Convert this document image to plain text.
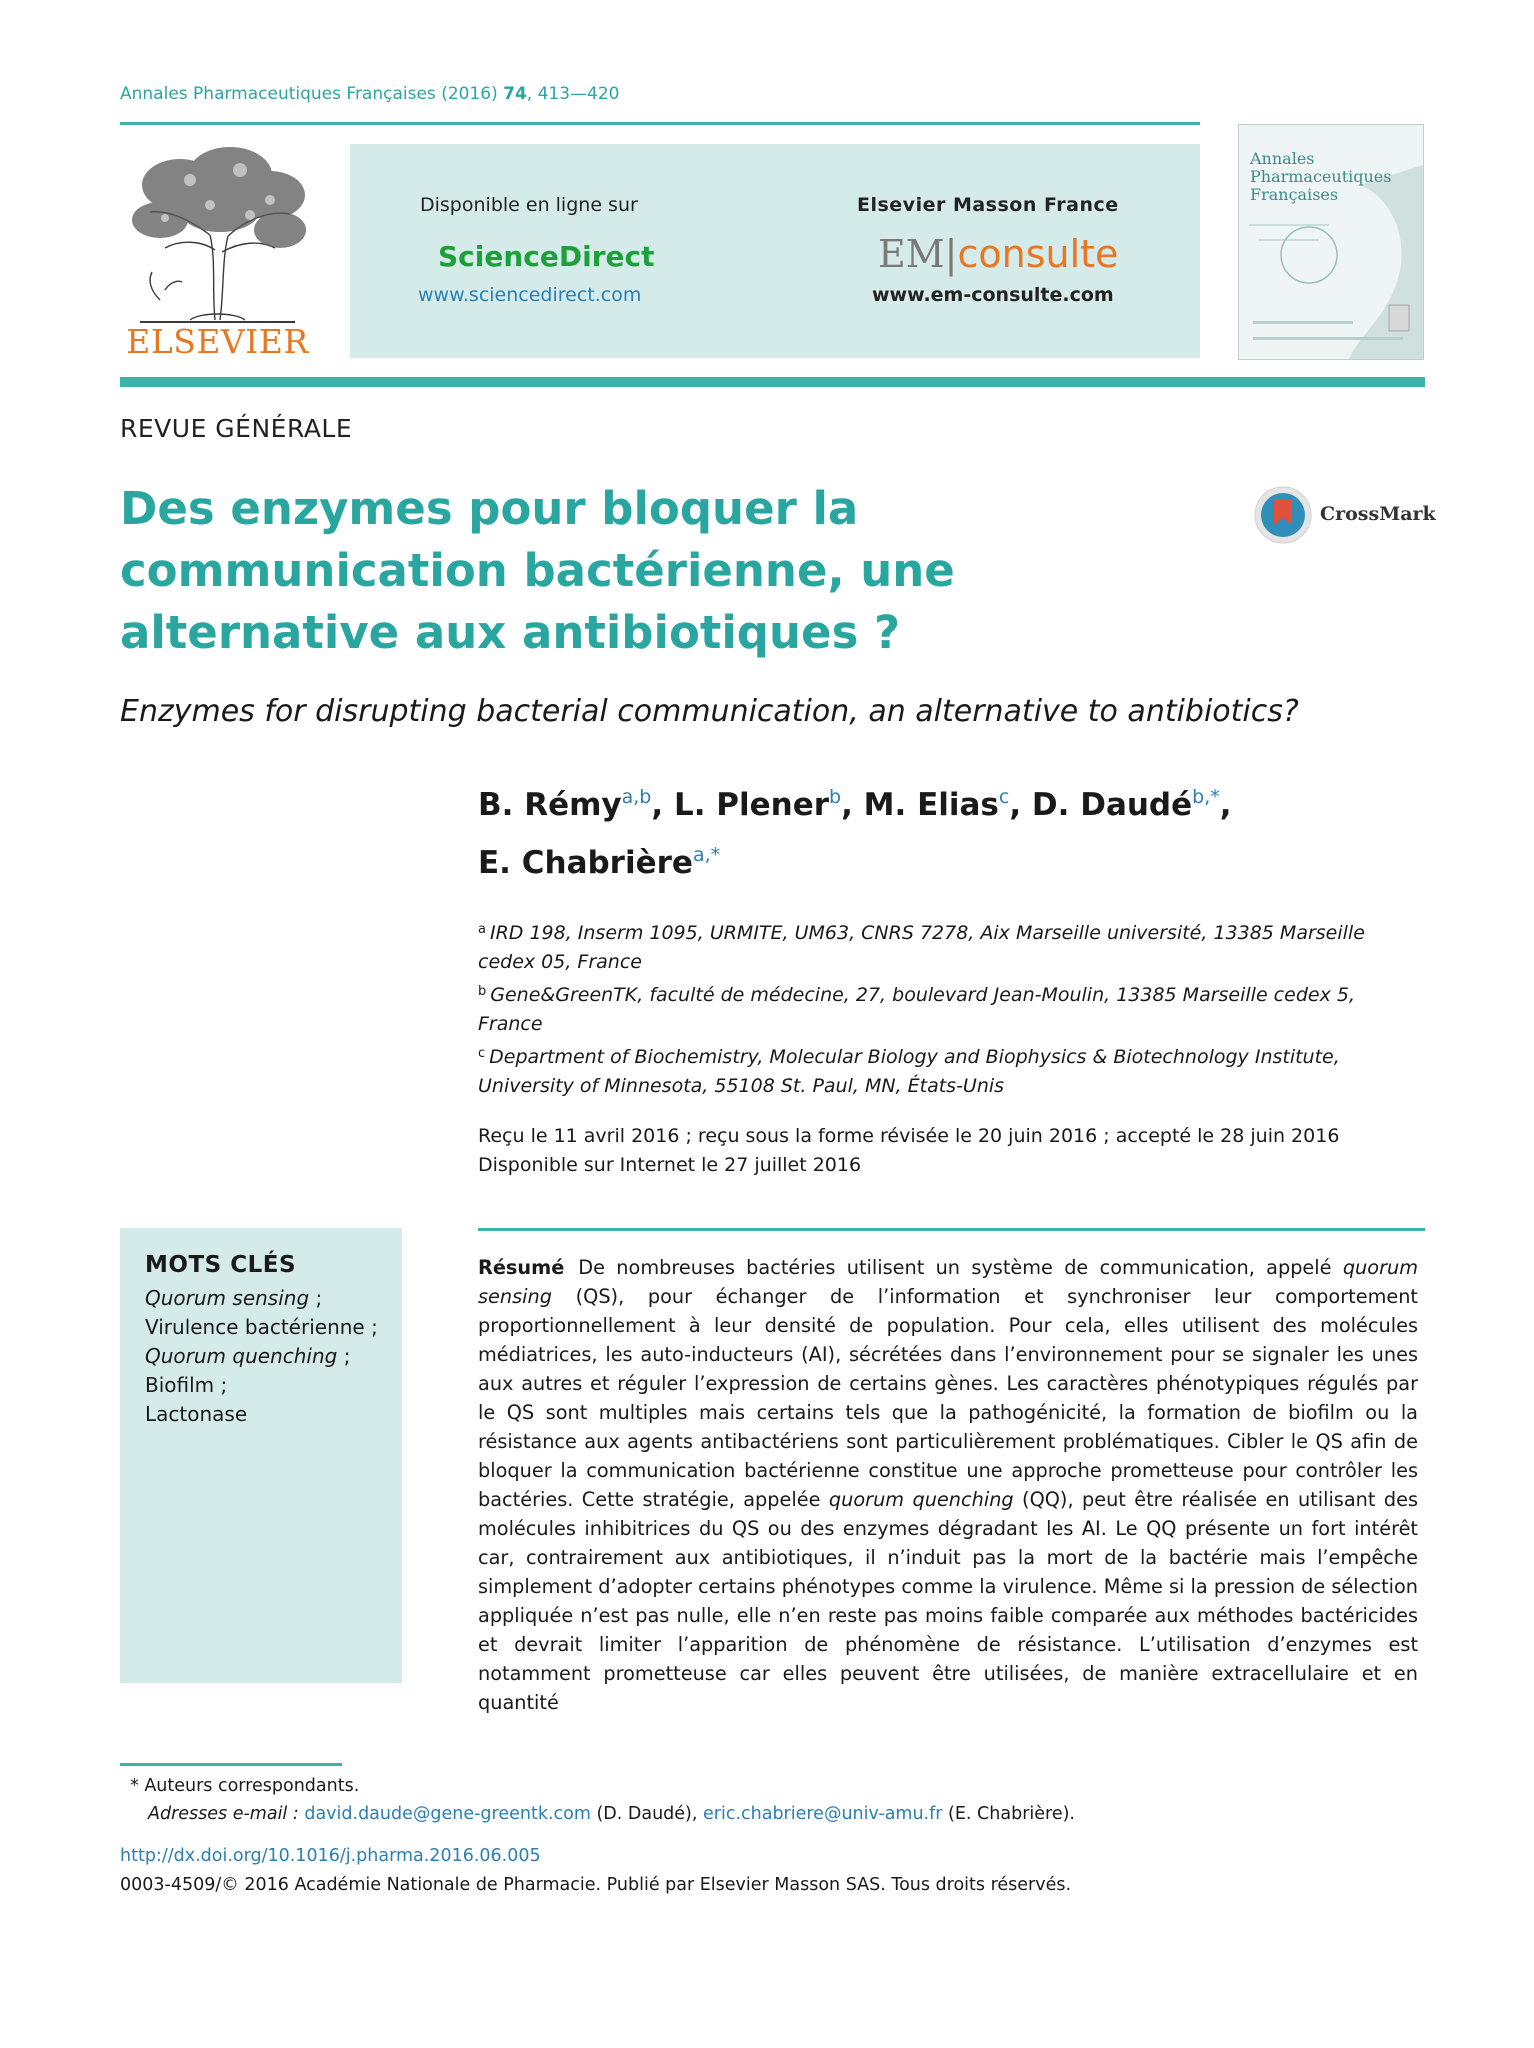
Annales Pharmaceutiques Françaises (2016) 74, 413—420
ELSEVIER
Disponible en ligne sur
ScienceDirect
www.sciencedirect.com
Elsevier Masson France
EM|consulte
www.em-consulte.com
Annales
Pharmaceutiques
Françaises
REVUE GÉNÉRALE
Des enzymes pour bloquer la communication bactérienne, une alternative aux antibiotiques ?
CrossMark
Enzymes for disrupting bacterial communication, an alternative to antibiotics?
B. Rémy$^{a,b}$, L. Plener$^b$, M. Elias$^c$, D. Daudé$^{b,*}$,
E. Chabrière$^{a,*}$
$^a$ IRD 198, Inserm 1095, URMITE, UM63, CNRS 7278, Aix Marseille université, 13385 Marseille cedex 05, France
$^b$ Gene&GreenTK, faculté de médecine, 27, boulevard Jean-Moulin, 13385 Marseille cedex 5, France
$^c$ Department of Biochemistry, Molecular Biology and Biophysics & Biotechnology Institute, University of Minnesota, 55108 St. Paul, MN, États-Unis
Reçu le 11 avril 2016 ; reçu sous la forme révisée le 20 juin 2016 ; accepté le 28 juin 2016
Disponible sur Internet le 27 juillet 2016
MOTS CLÉS
Quorum sensing ;
Virulence bactérienne ;
Quorum quenching ;
Biofilm ;
Lactonase
Résumé De nombreuses bactéries utilisent un système de communication, appelé quorum sensing (QS), pour échanger de l’information et synchroniser leur comportement proportionnellement à leur densité de population. Pour cela, elles utilisent des molécules médiatrices, les auto-inducteurs (AI), sécrétées dans l’environnement pour se signaler les unes aux autres et réguler l’expression de certains gènes. Les caractères phénotypiques régulés par le QS sont multiples mais certains tels que la pathogénicité, la formation de biofilm ou la résistance aux agents antibactériens sont particulièrement problématiques. Cibler le QS afin de bloquer la communication bactérienne constitue une approche prometteuse pour contrôler les bactéries. Cette stratégie, appelée quorum quenching (QQ), peut être réalisée en utilisant des molécules inhibitrices du QS ou des enzymes dégradant les AI. Le QQ présente un fort intérêt car, contrairement aux antibiotiques, il n’induit pas la mort de la bactérie mais l’empêche simplement d’adopter certains phénotypes comme la virulence. Même si la pression de sélection appliquée n’est pas nulle, elle n’en reste pas moins faible comparée aux méthodes bactéricides et devrait limiter l’apparition de phénomène de résistance. L’utilisation d’enzymes est notamment prometteuse car elles peuvent être utilisées, de manière extracellulaire et en quantité
* Auteurs correspondants.
Adresses e-mail : david.daude@gene-greentk.com (D. Daudé), eric.chabriere@univ-amu.fr (E. Chabrière).
http://dx.doi.org/10.1016/j.pharma.2016.06.005
0003-4509/© 2016 Académie Nationale de Pharmacie. Publié par Elsevier Masson SAS. Tous droits réservés.
